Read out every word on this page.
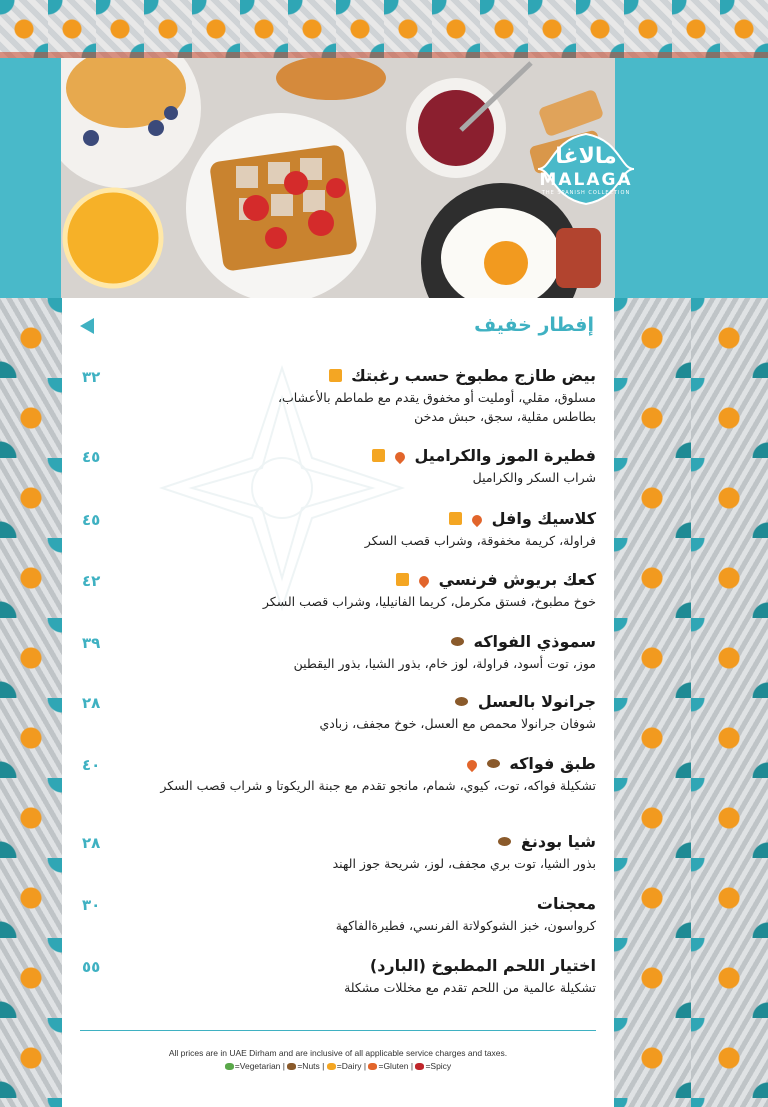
مالاغا
MALAGA
THE SPANISH COLLECTION
إفطار خفيف
بيض طازج مطبوخ حسب رغبتك
٣٢
مسلوق، مقلي، أومليت أو مخفوق يقدم مع طماطم بالأعشاب، بطاطس مقلية، سجق، حبش مدخن
فطيرة الموز والكراميل
٤٥
شراب السكر والكراميل
كلاسيك وافل
٤٥
فراولة، كريمة مخفوقة، وشراب قصب السكر
كعك بريوش فرنسي
٤٢
خوخ مطبوخ، فستق مكرمل، كريما الفانيليا، وشراب قصب السكر
سموذي الفواكه
٣٩
موز، توت أسود، فراولة، لوز خام، بذور الشيا، بذور اليقطين
جرانولا بالعسل
٢٨
شوفان جرانولا محمص مع العسل، خوخ مجفف، زبادي
طبق فواكه
٤٠
تشكيلة فواكه، توت، كيوي، شمام، مانجو تقدم مع جبنة الريكوتا و شراب قصب السكر
شيا بودنغ
٢٨
بذور الشيا، توت بري مجفف، لوز، شريحة جوز الهند
معجنات
٣٠
كرواسون، خبز الشوكولاتة الفرنسي، فطيرةالفاكهة
اختيار اللحم المطبوخ (البارد)
٥٥
تشكيلة عالمية من اللحم تقدم مع مخللات مشكلة
All prices are in UAE Dirham and are inclusive of all applicable service charges and taxes.
=Vegetarian | =Nuts | =Dairy | =Gluten | =Spicy
